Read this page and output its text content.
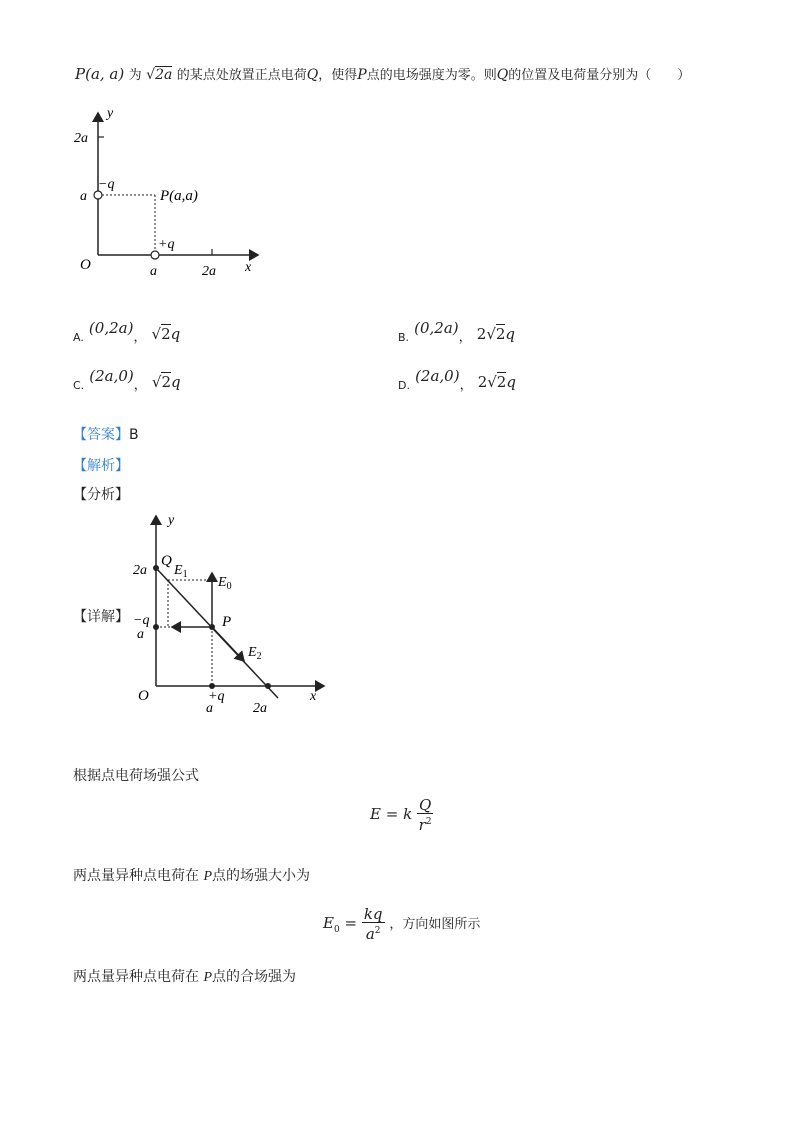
P(a, a) 为 √2a 的某点处放置正点电荷Q，使得P点的电场强度为零。则Q的位置及电荷量分别为（　　）
y
2a
a
−q
P(a,a)
+q
O	a	2a x
A. (0,2a)， √2q	B. (0,2a)， 2√2q
C. (2a,0)， √2q	D. (2a,0)， 2√2q
【答案】B
【解析】
【分析】
【详解】
y
2a
Q
$E_1$
$E_0$
P
$E_2$
−q
a
O	+q
a	2a
x
根据点电荷场强公式
E = k $\frac{Q}{r^2}$
两点量异种点电荷在 P点的场强大小为
$E_0 = \frac{kq}{a^2}$ ，方向如图所示
两点量异种点电荷在 P点的合场强为
